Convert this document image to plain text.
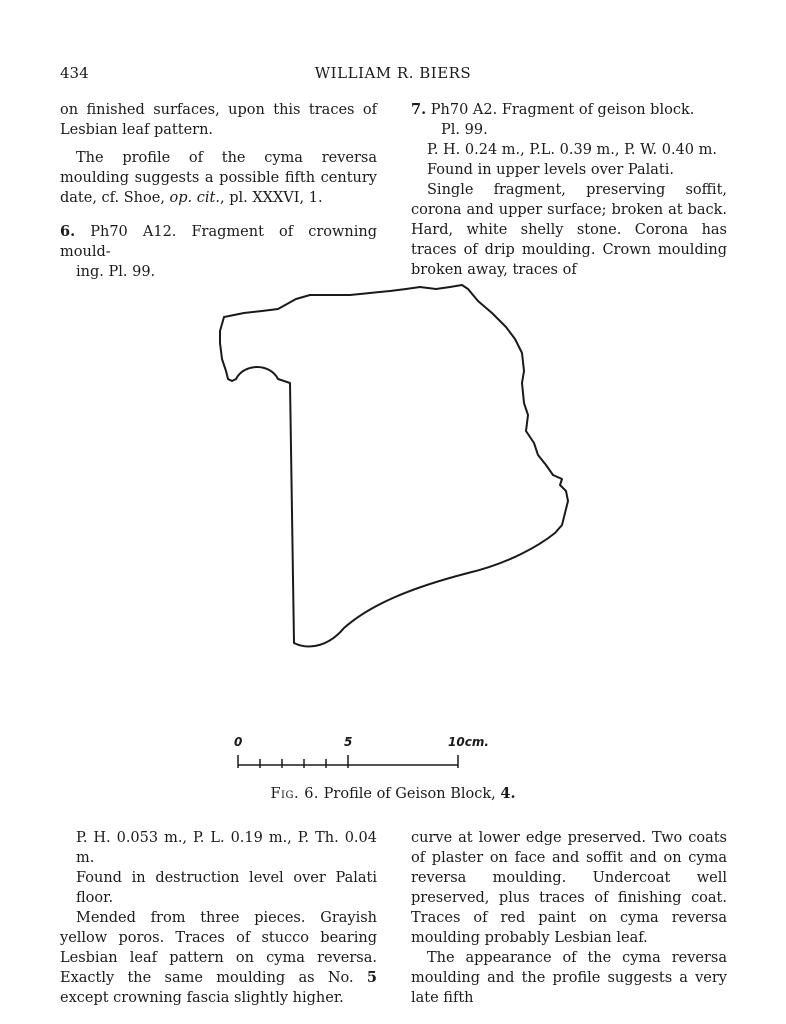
434	WILLIAM R. BIERS

on finished surfaces, upon this traces of Lesbian leaf pattern.

The profile of the cyma reversa moulding suggests a possible fifth century date, cf. Shoe, op. cit., pl. XXXVI, 1.

6. Ph70 A12. Fragment of crowning mould-

ing. Pl. 99.

7. Ph70 A2. Fragment of geison block.

Pl. 99.

P. H. 0.24 m., P.L. 0.39 m., P. W. 0.40 m.

Found in upper levels over Palati.

Single fragment, preserving soffit, corona and upper surface; broken at back. Hard, white shelly stone. Corona has traces of drip moulding. Crown moulding broken away, traces of

0	5	10cm.
Fig. 6. Profile of Geison Block, 4.

P. H. 0.053 m., P. L. 0.19 m., P. Th. 0.04 m.

Found in destruction level over Palati floor.

Mended from three pieces. Grayish yellow poros. Traces of stucco bearing Lesbian leaf pattern on cyma reversa. Exactly the same moulding as No. 5 except crowning fascia slightly higher.

curve at lower edge preserved. Two coats of plaster on face and soffit and on cyma reversa moulding. Undercoat well preserved, plus traces of finishing coat. Traces of red paint on cyma reversa moulding probably Lesbian leaf.

The appearance of the cyma reversa moulding and the profile suggests a very late fifth
